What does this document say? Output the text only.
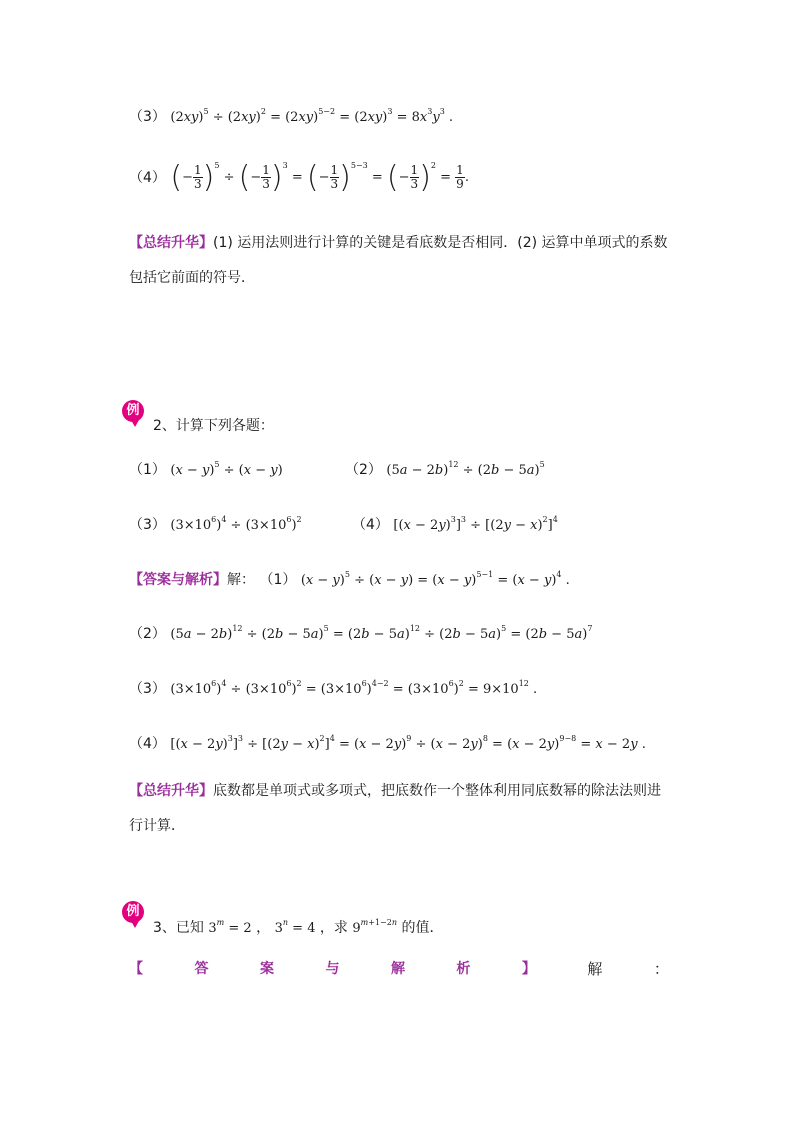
（3） $(2xy)^5 \div (2xy)^2 = (2xy)^{5-2} = (2xy)^3 = 8x^3y^3$ .
（4） (− $\frac{1}{3} )^5$ ÷ (− $\frac{1}{3} )^3$ = (− $\frac{1}{3} )^{5-3}$ = (− $\frac{1}{3} )^2 = \frac{1}{9}$ .
【总结升华】(1) 运用法则进行计算的关键是看底数是否相同．(2) 运算中单项式的系数包括它前面的符号．
例
2、计算下列各题：
（1） $(x - y)^5 \div (x - y)$	（2） $(5a - 2b)^{12} \div (2b - 5a)^5$
（3） $(3\times 10^6)^4 \div (3\times 10^6)^2$	（4） $[(x - 2y)^3]^3 \div [(2y - x)^2]^4$
【答案与解析】解： （1） $(x - y)^5 \div (x - y) = (x - y)^{5-1} = (x - y)^4$ .
（2） $(5a - 2b)^{12} \div (2b - 5a)^5 = (2b - 5a)^{12} \div (2b - 5a)^5 = (2b - 5a)^7$
（3） $(3\times 10^6)^4 \div (3\times 10^6)^2 = (3\times 10^6)^{4-2} = (3\times 10^6)^2 = 9\times 10^{12}$ .
（4） $[(x - 2y)^3]^3 \div [(2y - x)^2]^4 = (x - 2y)^9 \div (x - 2y)^8 = (x - 2y)^{9-8} = x - 2y$ .
【总结升华】底数都是单项式或多项式，把底数作一个整体利用同底数幂的除法法则进行计算．
例
3、已知 $3^m = 2$ ， $3^n = 4$ ，求 $9^{m+1-2n}$ 的值．
【	答	案	与	解	析	】	解	：
